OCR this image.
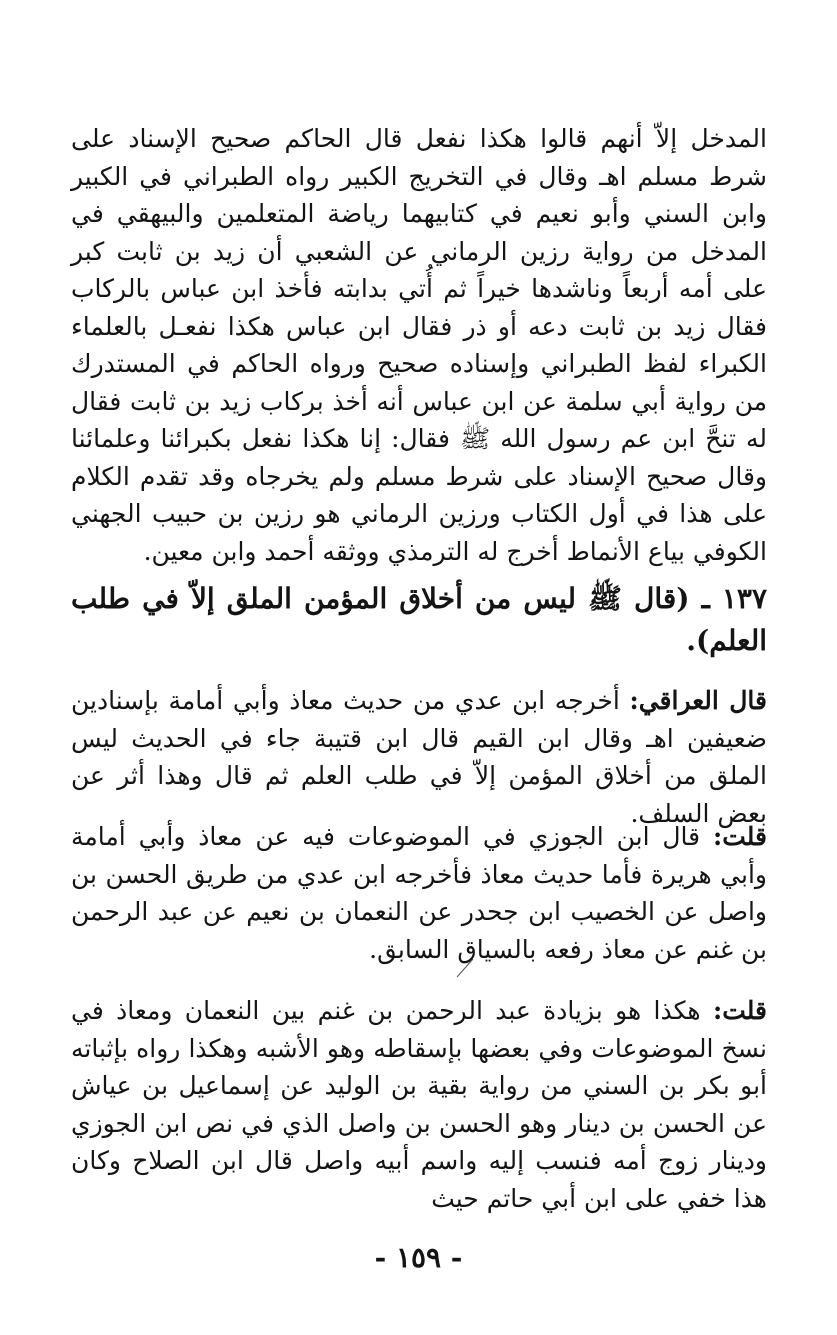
المدخل إلاّ أنهم قالوا هكذا نفعل قال الحاكم صحيح الإسناد على شرط مسلم اهـ وقال في التخريج الكبير رواه الطبراني في الكبير وابن السني وأبو نعيم في كتابيهما رياضة المتعلمين والبيهقي في المدخل من رواية رزين الرماني عن الشعبي أن زيد بن ثابت كبر على أمه أربعاً وناشدها خيراً ثم أُتي بدابته فأخذ ابن عباس بالركاب فقال زيد بن ثابت دعه أو ذر فقال ابن عباس هكذا نفعـل بالعلماء الكبراء لفظ الطبراني وإسناده صحيح ورواه الحاكم في المستدرك من رواية أبي سلمة عن ابن عباس أنه أخذ بركاب زيد بن ثابت فقال له تنحَّ ابن عم رسول الله ﷺ فقال: إنا هكذا نفعل بكبرائنا وعلمائنا وقال صحيح الإسناد على شرط مسلم ولم يخرجاه وقد تقدم الكلام على هذا في أول الكتاب ورزين الرماني هو رزين بن حبيب الجهني الكوفي بياع الأنماط أخرج له الترمذي ووثقه أحمد وابن معين.

١٣٧ ـ (قال ﷺ ليس من أخلاق المؤمن الملق إلاّ في طلب العلم).

قال العراقي: أخرجه ابن عدي من حديث معاذ وأبي أمامة بإسنادين ضعيفين اهـ وقال ابن القيم قال ابن قتيبة جاء في الحديث ليس الملق من أخلاق المؤمن إلاّ في طلب العلم ثم قال وهذا أثر عن بعض السلف.

قلت: قال ابن الجوزي في الموضوعات فيه عن معاذ وأبي أمامة وأبي هريرة فأما حديث معاذ فأخرجه ابن عدي من طريق الحسن بن واصل عن الخصيب ابن جحدر عن النعمان بن نعيم عن عبد الرحمن بن غنم عن معاذ رفعه بالسياق السابق.

قلت: هكذا هو بزيادة عبد الرحمن بن غنم بين النعمان ومعاذ في نسخ الموضوعات وفي بعضها بإسقاطه وهو الأشبه وهكذا رواه بإثباته أبو بكر بن السني من رواية بقية بن الوليد عن إسماعيل بن عياش عن الحسن بن دينار وهو الحسن بن واصل الذي في نص ابن الجوزي ودينار زوج أمه فنسب إليه واسم أبيه واصل قال ابن الصلاح وكان هذا خفي على ابن أبي حاتم حيث

- ١٥٩ -
